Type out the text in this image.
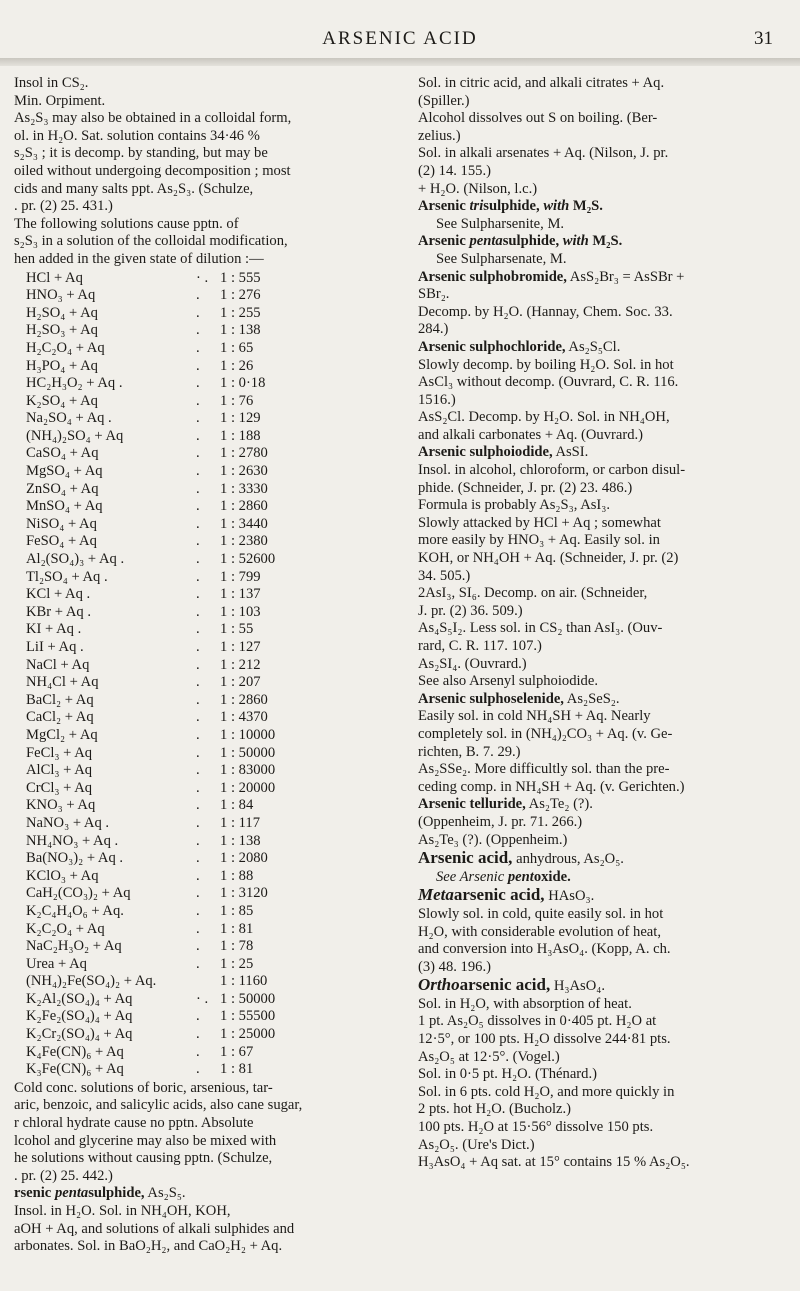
ARSENIC ACID	31
Insol in CS₂.
Min. Orpiment.
As₂S₃ may also be obtained in a colloidal form,
ol. in H₂O. Sat. solution contains 34·46 %
s₂S₃ ; it is decomp. by standing, but may be
oiled without undergoing decomposition ; most
cids and many salts ppt. As₂S₃. (Schulze,
. pr. (2) 25. 431.)
The following solutions cause pptn. of
s₂S₃ in a solution of the colloidal modification,
hen added in the given state of dilution :—
HCl + Aq	· .	1 : 555
HNO₃ + Aq	.	1 : 276
H₂SO₄ + Aq	.	1 : 255
H₂SO₃ + Aq	.	1 : 138
H₂C₂O₄ + Aq	.	1 : 65
H₃PO₄ + Aq	.	1 : 26
HC₂H₃O₂ + Aq .	.	1 : 0·18
K₂SO₄ + Aq	.	1 : 76
Na₂SO₄ + Aq .	.	1 : 129
(NH₄)₂SO₄ + Aq	.	1 : 188
CaSO₄ + Aq	.	1 : 2780
MgSO₄ + Aq	.	1 : 2630
ZnSO₄ + Aq	.	1 : 3330
MnSO₄ + Aq	.	1 : 2860
NiSO₄ + Aq	.	1 : 3440
FeSO₄ + Aq	.	1 : 2380
Al₂(SO₄)₃ + Aq .	.	1 : 52600
Tl₂SO₄ + Aq .	.	1 : 799
KCl + Aq .	.	1 : 137
KBr + Aq .	.	1 : 103
KI + Aq .	.	1 : 55
LiI + Aq .	.	1 : 127
NaCl + Aq	.	1 : 212
NH₄Cl + Aq	.	1 : 207
BaCl₂ + Aq	.	1 : 2860
CaCl₂ + Aq	.	1 : 4370
MgCl₂ + Aq	.	1 : 10000
FeCl₃ + Aq	.	1 : 50000
AlCl₃ + Aq	.	1 : 83000
CrCl₃ + Aq	.	1 : 20000
KNO₃ + Aq	.	1 : 84
NaNO₃ + Aq .	.	1 : 117
NH₄NO₃ + Aq .	.	1 : 138
Ba(NO₃)₂ + Aq .	.	1 : 2080
KClO₃ + Aq	.	1 : 88
CaH₂(CO₃)₂ + Aq	.	1 : 3120
K₂C₄H₄O₆ + Aq.	.	1 : 85
K₂C₂O₄ + Aq	.	1 : 81
NaC₂H₃O₂ + Aq	.	1 : 78
Urea + Aq	.	1 : 25
(NH₄)₂Fe(SO₄)₂ + Aq.		1 : 1160
K₂Al₂(SO₄)₄ + Aq	· .	1 : 50000
K₂Fe₂(SO₄)₄ + Aq	.	1 : 55500
K₂Cr₂(SO₄)₄ + Aq	.	1 : 25000
K₄Fe(CN)₆ + Aq	.	1 : 67
K₃Fe(CN)₆ + Aq	.	1 : 81
Cold conc. solutions of boric, arsenious, tar-
aric, benzoic, and salicylic acids, also cane sugar,
r chloral hydrate cause no pptn. Absolute
lcohol and glycerine may also be mixed with
he solutions without causing pptn. (Schulze,
. pr. (2) 25. 442.)
rsenic pentasulphide, As₂S₅.
Insol. in H₂O. Sol. in NH₄OH, KOH,
aOH + Aq, and solutions of alkali sulphides and
arbonates. Sol. in BaO₂H₂, and CaO₂H₂ + Aq.
Sol. in citric acid, and alkali citrates + Aq.
(Spiller.)
Alcohol dissolves out S on boiling. (Ber-
zelius.)
Sol. in alkali arsenates + Aq. (Nilson, J. pr.
(2) 14. 155.)
+ H₂O. (Nilson, l.c.)
Arsenic trisulphide, with M₂S.
See Sulpharsenite, M.
Arsenic pentasulphide, with M₂S.
See Sulpharsenate, M.
Arsenic sulphobromide, AsS₂Br₃ = AsSBr +
SBr₂.
Decomp. by H₂O. (Hannay, Chem. Soc. 33.
284.)
Arsenic sulphochloride, As₂S₅Cl.
Slowly decomp. by boiling H₂O. Sol. in hot
AsCl₃ without decomp. (Ouvrard, C. R. 116.
1516.)
AsS₂Cl. Decomp. by H₂O. Sol. in NH₄OH,
and alkali carbonates + Aq. (Ouvrard.)
Arsenic sulphoiodide, AsSI.
Insol. in alcohol, chloroform, or carbon disul-
phide. (Schneider, J. pr. (2) 23. 486.)
Formula is probably As₂S₃, AsI₃.
Slowly attacked by HCl + Aq ; somewhat
more easily by HNO₃ + Aq. Easily sol. in
KOH, or NH₄OH + Aq. (Schneider, J. pr. (2)
34. 505.)
2AsI₃, SI₆. Decomp. on air. (Schneider,
J. pr. (2) 36. 509.)
As₄S₅I₂. Less sol. in CS₂ than AsI₃. (Ouv-
rard, C. R. 117. 107.)
As₂SI₄. (Ouvrard.)
See also Arsenyl sulphoiodide.
Arsenic sulphoselenide, As₂SeS₂.
Easily sol. in cold NH₄SH + Aq. Nearly
completely sol. in (NH₄)₂CO₃ + Aq. (v. Ge-
richten, B. 7. 29.)
As₂SSe₂. More difficultly sol. than the pre-
ceding comp. in NH₄SH + Aq. (v. Gerichten.)
Arsenic telluride, As₂Te₂ (?).
(Oppenheim, J. pr. 71. 266.)
As₂Te₃ (?). (Oppenheim.)
Arsenic acid, anhydrous, As₂O₅.
See Arsenic pentoxide.
Metaarsenic acid, HAsO₃.
Slowly sol. in cold, quite easily sol. in hot
H₂O, with considerable evolution of heat,
and conversion into H₃AsO₄. (Kopp, A. ch.
(3) 48. 196.)
Orthoarsenic acid, H₃AsO₄.
Sol. in H₂O, with absorption of heat.
1 pt. As₂O₅ dissolves in 0·405 pt. H₂O at
12·5°, or 100 pts. H₂O dissolve 244·81 pts.
As₂O₅ at 12·5°. (Vogel.)
Sol. in 0·5 pt. H₂O. (Thénard.)
Sol. in 6 pts. cold H₂O, and more quickly in
2 pts. hot H₂O. (Bucholz.)
100 pts. H₂O at 15·56° dissolve 150 pts.
As₂O₅. (Ure's Dict.)
H₃AsO₄ + Aq sat. at 15° contains 15 % As₂O₅.
